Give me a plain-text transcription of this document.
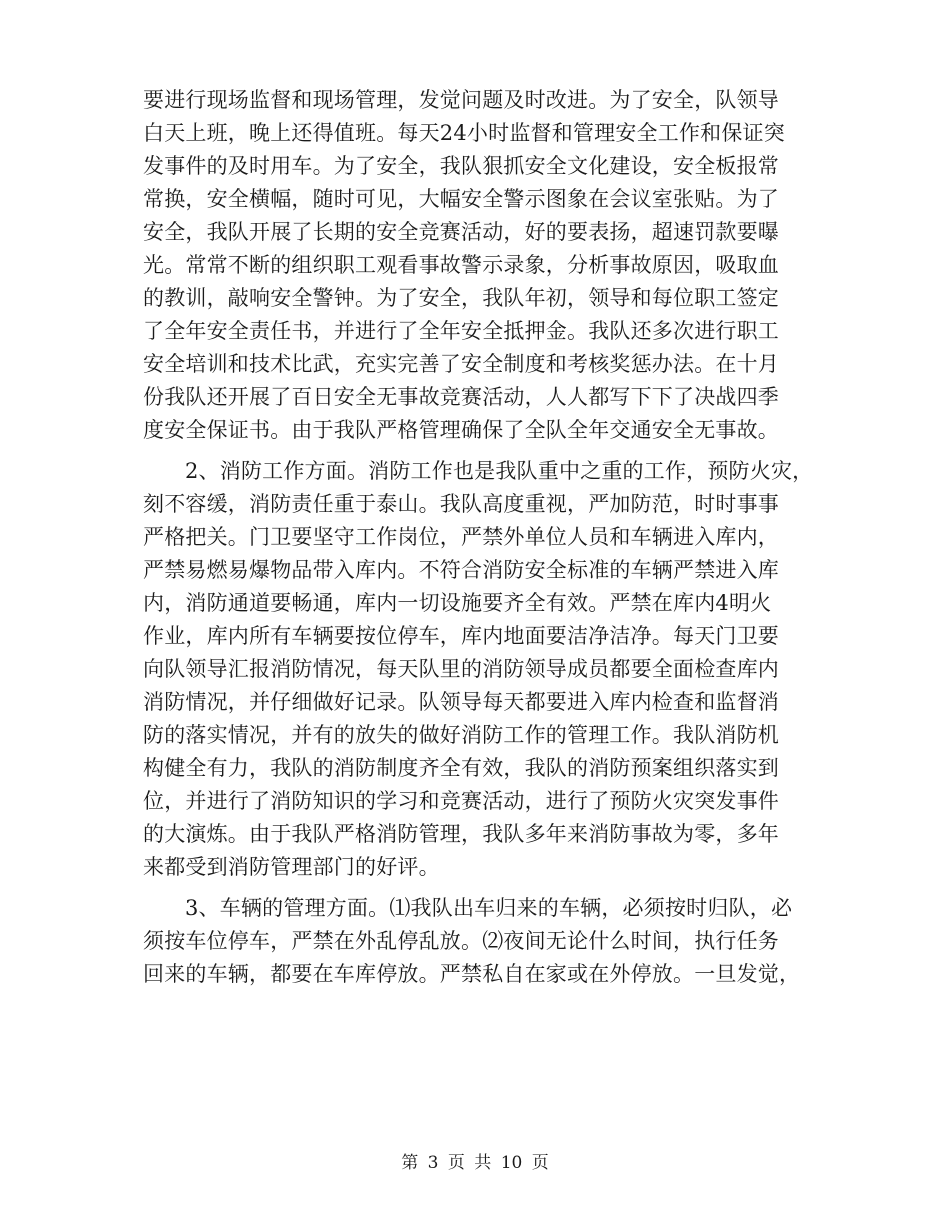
要进行现场监督和现场管理，发觉问题及时改进。为了安全，队领导
白天上班，晚上还得值班。每天24小时监督和管理安全工作和保证突
发事件的及时用车。为了安全，我队狠抓安全文化建设，安全板报常
常换，安全横幅，随时可见，大幅安全警示图象在会议室张贴。为了
安全，我队开展了长期的安全竞赛活动，好的要表扬，超速罚款要曝
光。常常不断的组织职工观看事故警示录象，分析事故原因，吸取血
的教训，敲响安全警钟。为了安全，我队年初，领导和每位职工签定
了全年安全责任书，并进行了全年安全抵押金。我队还多次进行职工
安全培训和技术比武，充实完善了安全制度和考核奖惩办法。在十月
份我队还开展了百日安全无事故竞赛活动，人人都写下下了决战四季
度安全保证书。由于我队严格管理确保了全队全年交通安全无事故。
2、消防工作方面。消防工作也是我队重中之重的工作，预防火灾，
刻不容缓，消防责任重于泰山。我队高度重视，严加防范，时时事事
严格把关。门卫要坚守工作岗位，严禁外单位人员和车辆进入库内，
严禁易燃易爆物品带入库内。不符合消防安全标准的车辆严禁进入库
内，消防通道要畅通，库内一切设施要齐全有效。严禁在库内4明火
作业，库内所有车辆要按位停车，库内地面要洁净洁净。每天门卫要
向队领导汇报消防情况，每天队里的消防领导成员都要全面检查库内
消防情况，并仔细做好记录。队领导每天都要进入库内检查和监督消
防的落实情况，并有的放失的做好消防工作的管理工作。我队消防机
构健全有力，我队的消防制度齐全有效，我队的消防预案组织落实到
位，并进行了消防知识的学习和竞赛活动，进行了预防火灾突发事件
的大演炼。由于我队严格消防管理，我队多年来消防事故为零，多年
来都受到消防管理部门的好评。
3、车辆的管理方面。⑴我队出车归来的车辆，必须按时归队，必
须按车位停车，严禁在外乱停乱放。⑵夜间无论什么时间，执行任务
回来的车辆，都要在车库停放。严禁私自在家或在外停放。一旦发觉，
第 3 页 共 10 页
